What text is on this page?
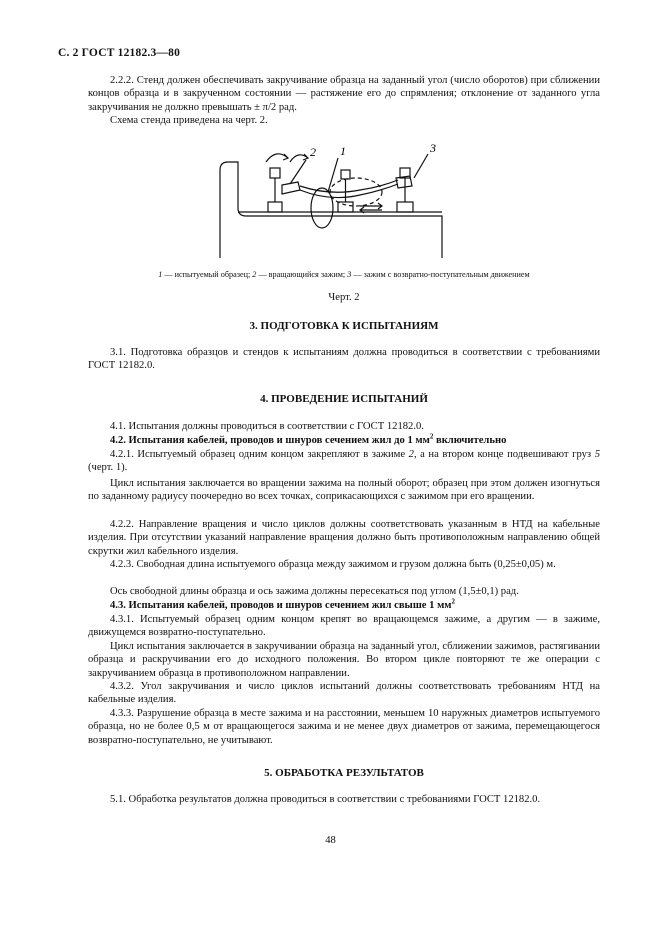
С. 2 ГОСТ 12182.3—80

2.2.2. Стенд должен обеспечивать закручивание образца на заданный угол (число оборотов) при сближении концов образца и в закрученном состоянии — растяжение его до спрямления; отклонение от заданного угла закручивания не должно превышать ± π/2 рад.

Схема стенда приведена на черт. 2.

2 1	3
1 — испытуемый образец; 2 — вращающийся зажим; 3 — зажим с возвратно-поступательным движением
Черт. 2
3. ПОДГОТОВКА К ИСПЫТАНИЯМ

3.1. Подготовка образцов и стендов к испытаниям должна проводиться в соответствии с требованиями ГОСТ 12182.0.

4. ПРОВЕДЕНИЕ ИСПЫТАНИЙ

4.1. Испытания должны проводиться в соответствии с ГОСТ 12182.0.

4.2. Испытания кабелей, проводов и шнуров сечением жил до 1 $мм^2$ включительно

4.2.1. Испытуемый образец одним концом закрепляют в зажиме 2, а на втором конце подвешивают груз 5 (черт. 1).

Цикл испытания заключается во вращении зажима на полный оборот; образец при этом должен изогнуться по заданному радиусу поочередно во всех точках, соприкасающихся с зажимом при его вращении.

4.2.2. Направление вращения и число циклов должны соответствовать указанным в НТД на кабельные изделия. При отсутствии указаний направление вращения должно быть противоположным направлению общей скрутки жил кабельного изделия.

4.2.3. Свободная длина испытуемого образца между зажимом и грузом должна быть (0,25±0,05) м.

Ось свободной длины образца и ось зажима должны пересекаться под углом (1,5±0,1) рад.

4.3. Испытания кабелей, проводов и шнуров сечением жил свыше 1 $мм^2$

4.3.1. Испытуемый образец одним концом крепят во вращающемся зажиме, а другим — в зажиме, движущемся возвратно-поступательно.

Цикл испытания заключается в закручивании образца на заданный угол, сближении зажимов, растягивании образца и раскручивании его до исходного положения. Во втором цикле повторяют те же операции с закручиванием образца в противоположном направлении.

4.3.2. Угол закручивания и число циклов испытаний должны соответствовать требованиям НТД на кабельные изделия.

4.3.3. Разрушение образца в месте зажима и на расстоянии, меньшем 10 наружных диаметров испытуемого образца, но не более 0,5 м от вращающегося зажима и не менее двух диаметров от зажима, перемещающегося возвратно-поступательно, не учитывают.

5. ОБРАБОТКА РЕЗУЛЬТАТОВ

5.1. Обработка результатов должна проводиться в соответствии с требованиями ГОСТ 12182.0.

48
